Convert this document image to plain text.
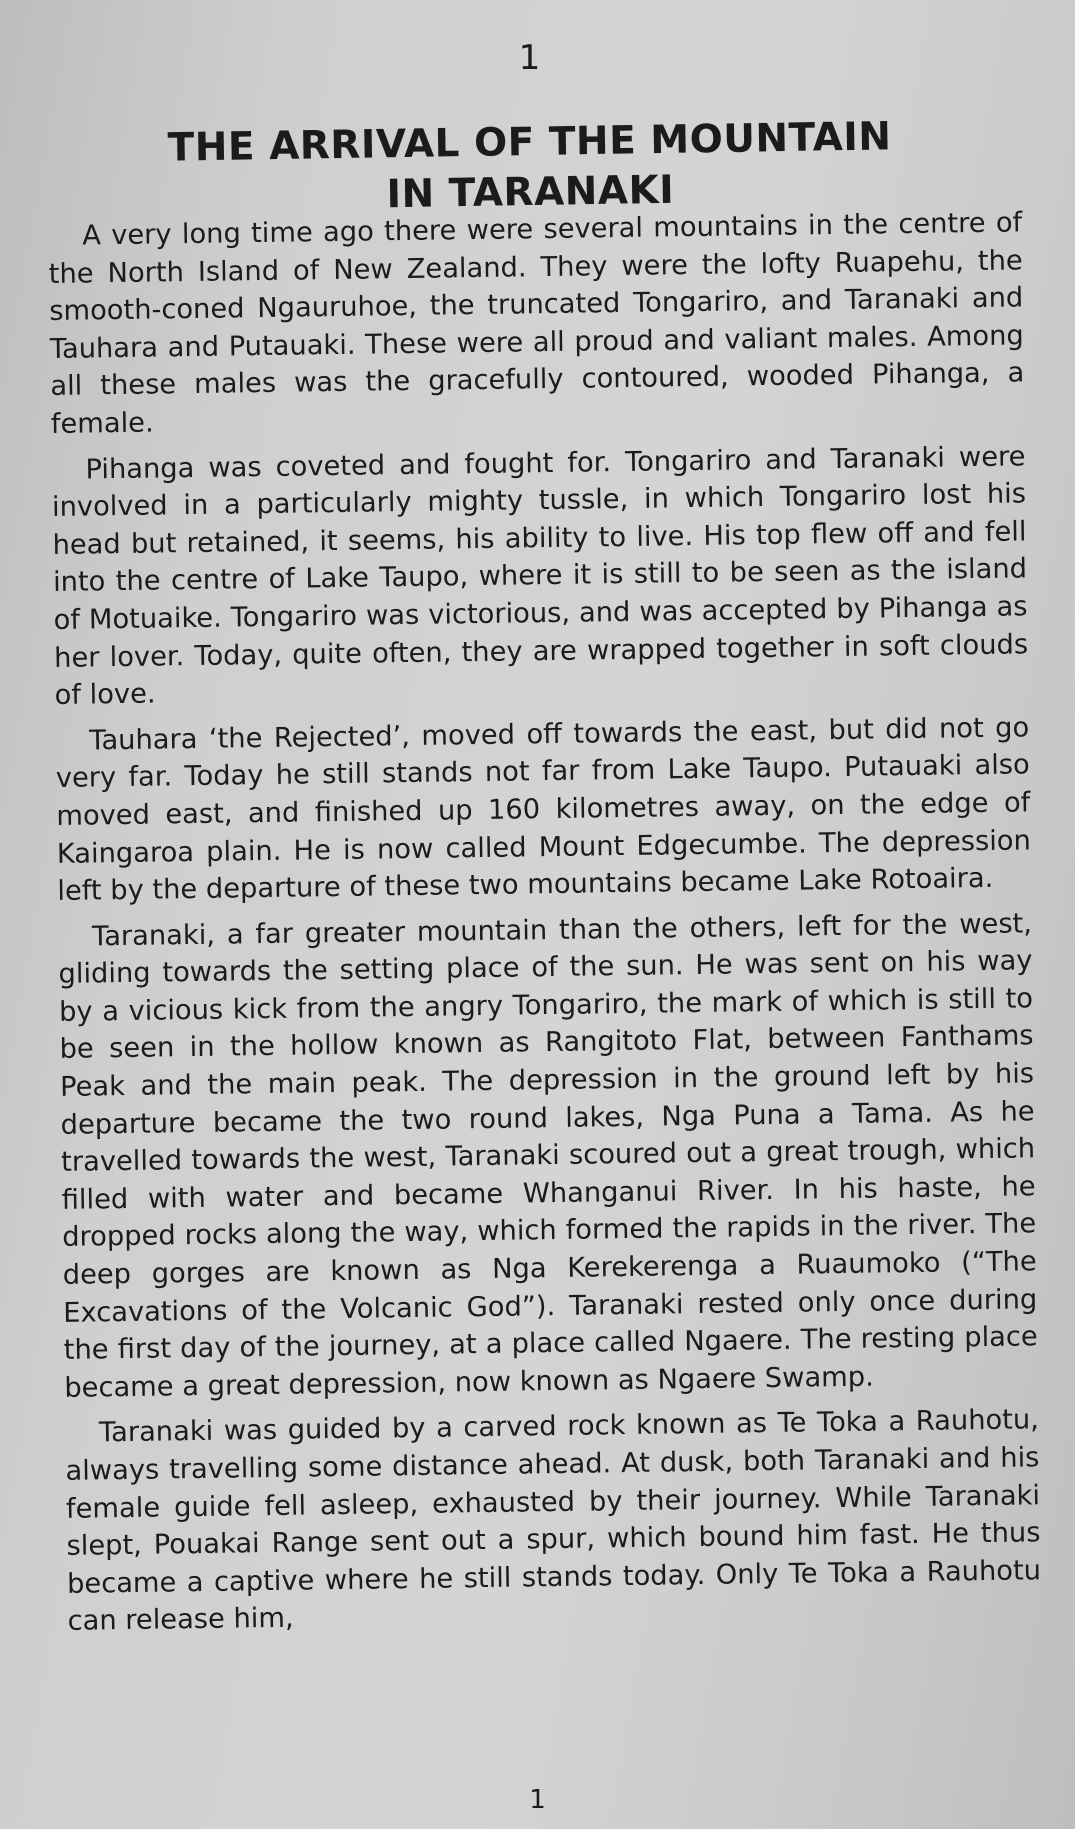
1
THE ARRIVAL OF THE MOUNTAIN
IN TARANAKI

A very long time ago there were several mountains in the centre of the North Island of New Zealand. They were the lofty Ruapehu, the smooth-coned Ngauruhoe, the truncated Tongariro, and Taranaki and Tauhara and Putauaki. These were all proud and valiant males. Among all these males was the gracefully contoured, wooded Pihanga, a female.

Pihanga was coveted and fought for. Tongariro and Taranaki were involved in a particularly mighty tussle, in which Tongariro lost his head but retained, it seems, his ability to live. His top flew off and fell into the centre of Lake Taupo, where it is still to be seen as the island of Motuaike. Tongariro was victorious, and was accepted by Pihanga as her lover. Today, quite often, they are wrapped together in soft clouds of love.

Tauhara ‘the Rejected’, moved off towards the east, but did not go very far. Today he still stands not far from Lake Taupo. Putauaki also moved east, and finished up 160 kilometres away, on the edge of Kaingaroa plain. He is now called Mount Edgecumbe. The depression left by the departure of these two mountains became Lake Rotoaira.

Taranaki, a far greater mountain than the others, left for the west, gliding towards the setting place of the sun. He was sent on his way by a vicious kick from the angry Tongariro, the mark of which is still to be seen in the hollow known as Rangitoto Flat, between Fanthams Peak and the main peak. The depression in the ground left by his departure became the two round lakes, Nga Puna a Tama. As he travelled towards the west, Taranaki scoured out a great trough, which filled with water and became Whanganui River. In his haste, he dropped rocks along the way, which formed the rapids in the river. The deep gorges are known as Nga Kerekerenga a Ruaumoko (“The Excavations of the Volcanic God”). Taranaki rested only once during the first day of the journey, at a place called Ngaere. The resting place became a great depression, now known as Ngaere Swamp.

Taranaki was guided by a carved rock known as Te Toka a Rauhotu, always travelling some distance ahead. At dusk, both Taranaki and his female guide fell asleep, exhausted by their journey. While Taranaki slept, Pouakai Range sent out a spur, which bound him fast. He thus became a captive where he still stands today. Only Te Toka a Rauhotu can release him,

1
